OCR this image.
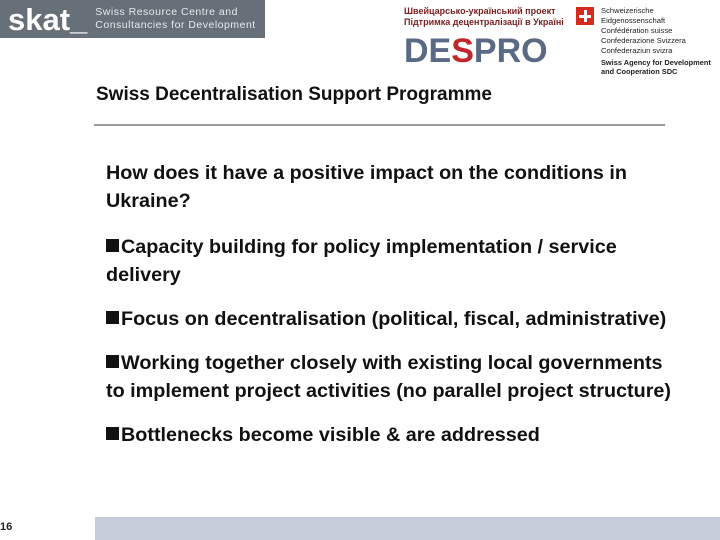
skat_ Swiss Resource Centre and
Consultancies for Development
Швейцарсько-український проект
Підтримка децентралізації в Україні
DESPRO
Schweizerische Eidgenossenschaft
Confédération suisse
Confederazione Svizzera
Confederaziun svizra
Swiss Agency for Development
and Cooperation SDC
Swiss Decentralisation Support Programme

How does it have a positive impact on the conditions in Ukraine?

Capacity building for policy implementation / service delivery
Focus on decentralisation (political, fiscal, administrative)
Working together closely with existing local governments to implement project activities (no parallel project structure)
Bottlenecks become visible & are addressed
16
